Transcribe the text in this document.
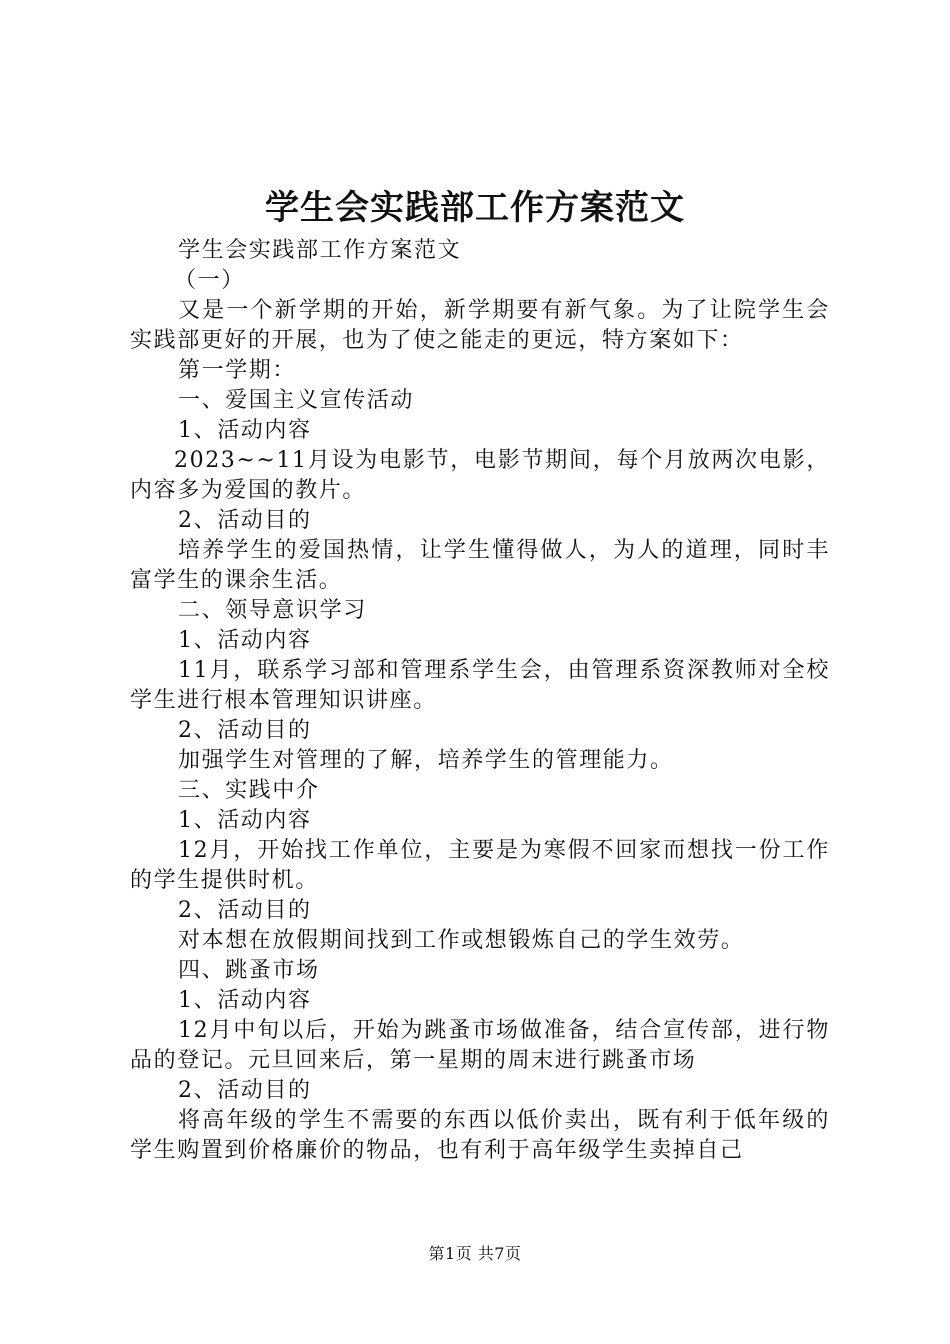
学生会实践部工作方案范文

学生会实践部工作方案范文

（一）

又是一个新学期的开始，新学期要有新气象。为了让院学生会实践部更好的开展，也为了使之能走的更远，特方案如下：

第一学期：

一、爱国主义宣传活动

1、活动内容

2023~~11月设为电影节，电影节期间，每个月放两次电影，内容多为爱国的教片。

2、活动目的

培养学生的爱国热情，让学生懂得做人，为人的道理，同时丰富学生的课余生活。

二、领导意识学习

1、活动内容

11月，联系学习部和管理系学生会，由管理系资深教师对全校学生进行根本管理知识讲座。

2、活动目的

加强学生对管理的了解，培养学生的管理能力。

三、实践中介

1、活动内容

12月，开始找工作单位，主要是为寒假不回家而想找一份工作的学生提供时机。

2、活动目的

对本想在放假期间找到工作或想锻炼自己的学生效劳。

四、跳蚤市场

1、活动内容

12月中旬以后，开始为跳蚤市场做准备，结合宣传部，进行物品的登记。元旦回来后，第一星期的周末进行跳蚤市场

2、活动目的

将高年级的学生不需要的东西以低价卖出，既有利于低年级的学生购置到价格廉价的物品，也有利于高年级学生卖掉自己

第1页 共7页
